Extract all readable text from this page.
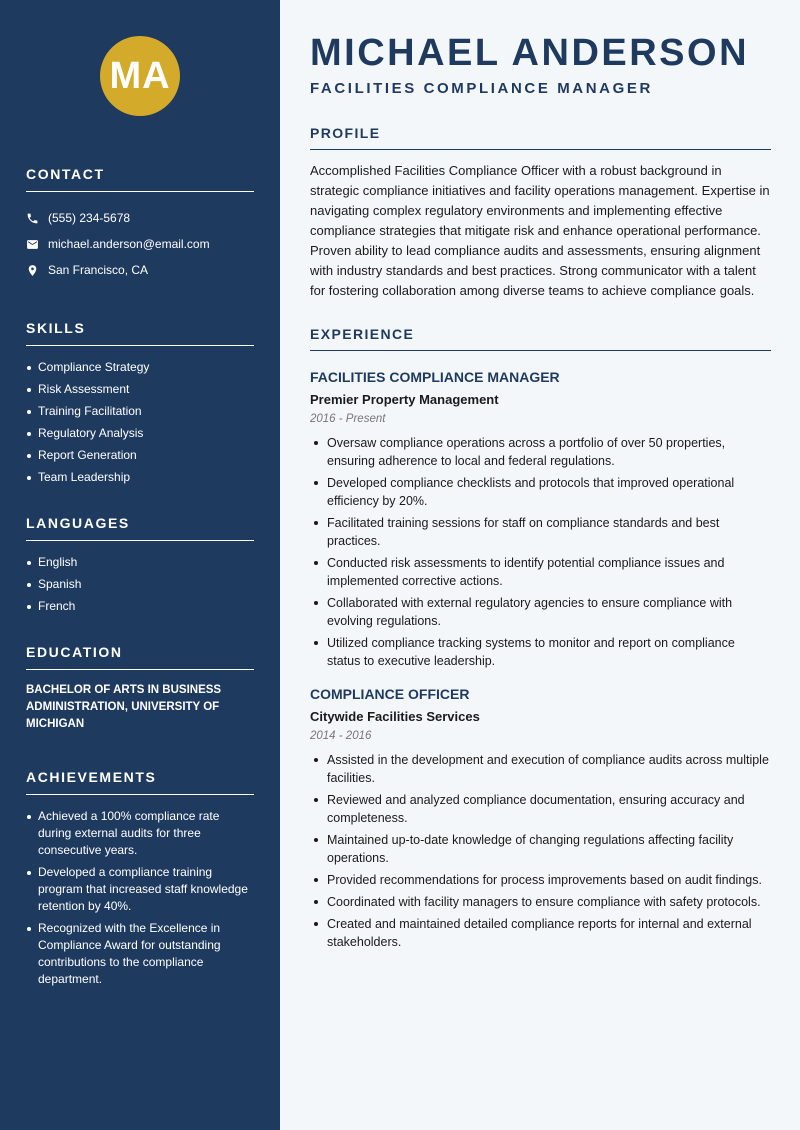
MA
CONTACT
(555) 234-5678
michael.anderson@email.com
San Francisco, CA
SKILLS
Compliance Strategy
Risk Assessment
Training Facilitation
Regulatory Analysis
Report Generation
Team Leadership
LANGUAGES
English
Spanish
French
EDUCATION

BACHELOR OF ARTS IN BUSINESS ADMINISTRATION, UNIVERSITY OF MICHIGAN

ACHIEVEMENTS
Achieved a 100% compliance rate during external audits for three consecutive years.
Developed a compliance training program that increased staff knowledge retention by 40%.
Recognized with the Excellence in Compliance Award for outstanding contributions to the compliance department.
MICHAEL ANDERSON
FACILITIES COMPLIANCE MANAGER
PROFILE

Accomplished Facilities Compliance Officer with a robust background in strategic compliance initiatives and facility operations management. Expertise in navigating complex regulatory environments and implementing effective compliance strategies that mitigate risk and enhance operational performance. Proven ability to lead compliance audits and assessments, ensuring alignment with industry standards and best practices. Strong communicator with a talent for fostering collaboration among diverse teams to achieve compliance goals.

EXPERIENCE
FACILITIES COMPLIANCE MANAGER
Premier Property Management
2016 - Present
Oversaw compliance operations across a portfolio of over 50 properties, ensuring adherence to local and federal regulations.
Developed compliance checklists and protocols that improved operational efficiency by 20%.
Facilitated training sessions for staff on compliance standards and best practices.
Conducted risk assessments to identify potential compliance issues and implemented corrective actions.
Collaborated with external regulatory agencies to ensure compliance with evolving regulations.
Utilized compliance tracking systems to monitor and report on compliance status to executive leadership.
COMPLIANCE OFFICER
Citywide Facilities Services
2014 - 2016
Assisted in the development and execution of compliance audits across multiple facilities.
Reviewed and analyzed compliance documentation, ensuring accuracy and completeness.
Maintained up-to-date knowledge of changing regulations affecting facility operations.
Provided recommendations for process improvements based on audit findings.
Coordinated with facility managers to ensure compliance with safety protocols.
Created and maintained detailed compliance reports for internal and external stakeholders.
